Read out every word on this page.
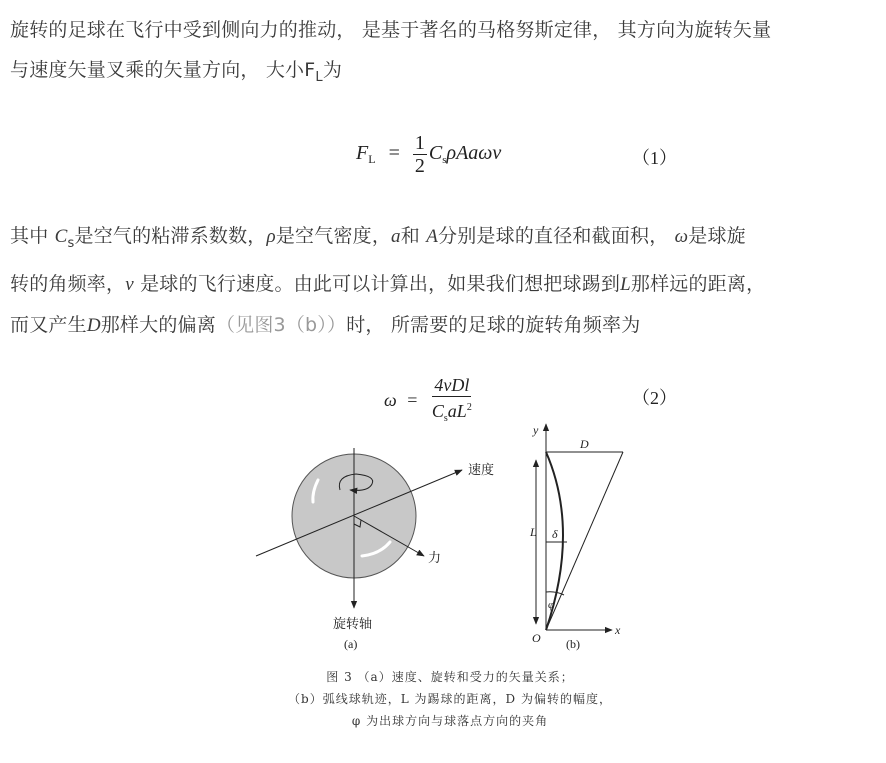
旋转的足球在飞行中受到侧向力的推动， 是基于著名的马格努斯定律， 其方向为旋转矢量
与速度矢量叉乘的矢量方向， 大小$F_L$为
$F_L = \frac{1}{2} C_s\rho Aa\omega v$	（1）
其中 $C_s$是空气的粘滞系数数，ρ是空气密度，a和 A分别是球的直径和截面积， ω是球旋
转的角频率，v 是球的飞行速度。由此可以计算出，如果我们想把球踢到L那样远的距离，
而又产生D那样大的偏离（见图3（b））时， 所需要的足球的旋转角频率为
$\omega = \frac{\text{4vDl}}{C_saL^2}$	（2）
速度
力
旋转轴
(a)
y
x
O
D
L δ
φ
(b)
图 3 （a）速度、旋转和受力的矢量关系；
（b）弧线球轨迹，L 为踢球的距离，D 为偏转的幅度，
φ 为出球方向与球落点方向的夹角
